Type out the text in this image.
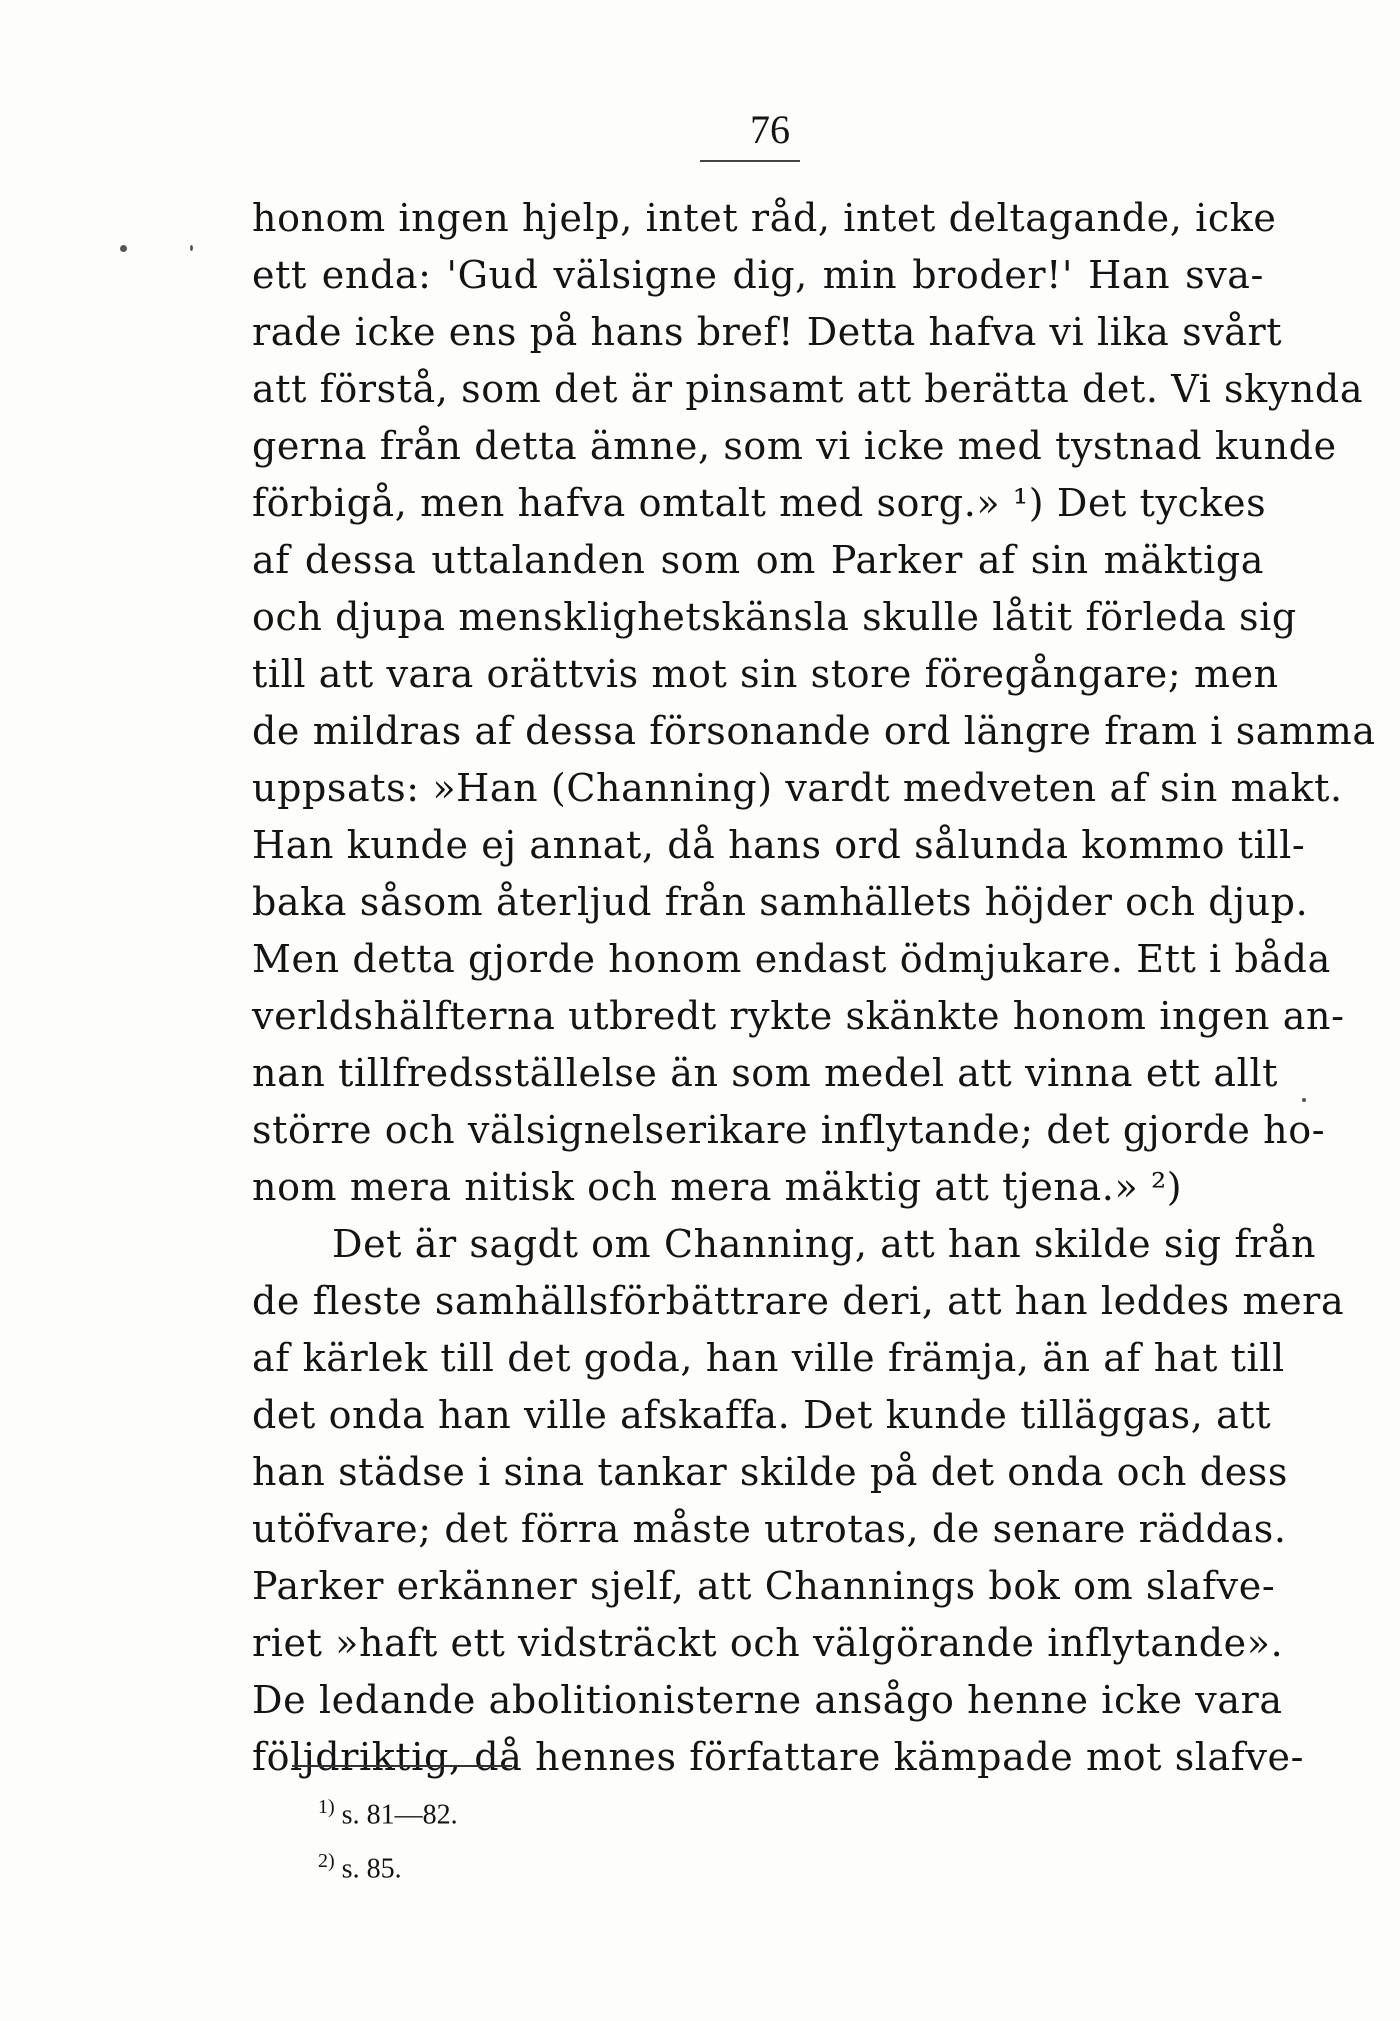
76
honom ingen hjelp, intet råd, intet deltagande, icke
ett enda: 'Gud välsigne dig, min broder!' Han sva-
rade icke ens på hans bref! Detta hafva vi lika svårt
att förstå, som det är pinsamt att berätta det. Vi skynda
gerna från detta ämne, som vi icke med tystnad kunde
förbigå, men hafva omtalt med sorg.» ¹) Det tyckes
af dessa uttalanden som om Parker af sin mäktiga
och djupa mensklighetskänsla skulle låtit förleda sig
till att vara orättvis mot sin store föregångare; men
de mildras af dessa försonande ord längre fram i samma
uppsats: »Han (Channing) vardt medveten af sin makt.
Han kunde ej annat, då hans ord sålunda kommo till-
baka såsom återljud från samhällets höjder och djup.
Men detta gjorde honom endast ödmjukare. Ett i båda
verldshälfterna utbredt rykte skänkte honom ingen an-
nan tillfredsställelse än som medel att vinna ett allt
större och välsignelserikare inflytande; det gjorde ho-
nom mera nitisk och mera mäktig att tjena.» ²)
Det är sagdt om Channing, att han skilde sig från
de fleste samhällsförbättrare deri, att han leddes mera
af kärlek till det goda, han ville främja, än af hat till
det onda han ville afskaffa. Det kunde tilläggas, att
han städse i sina tankar skilde på det onda och dess
utöfvare; det förra måste utrotas, de senare räddas.
Parker erkänner sjelf, att Channings bok om slafve-
riet »haft ett vidsträckt och välgörande inflytande».
De ledande abolitionisterne ansågo henne icke vara
följdriktig, då hennes författare kämpade mot slafve-
$^{1)}$ s. 81—82.
$^{2)}$ s. 85.
